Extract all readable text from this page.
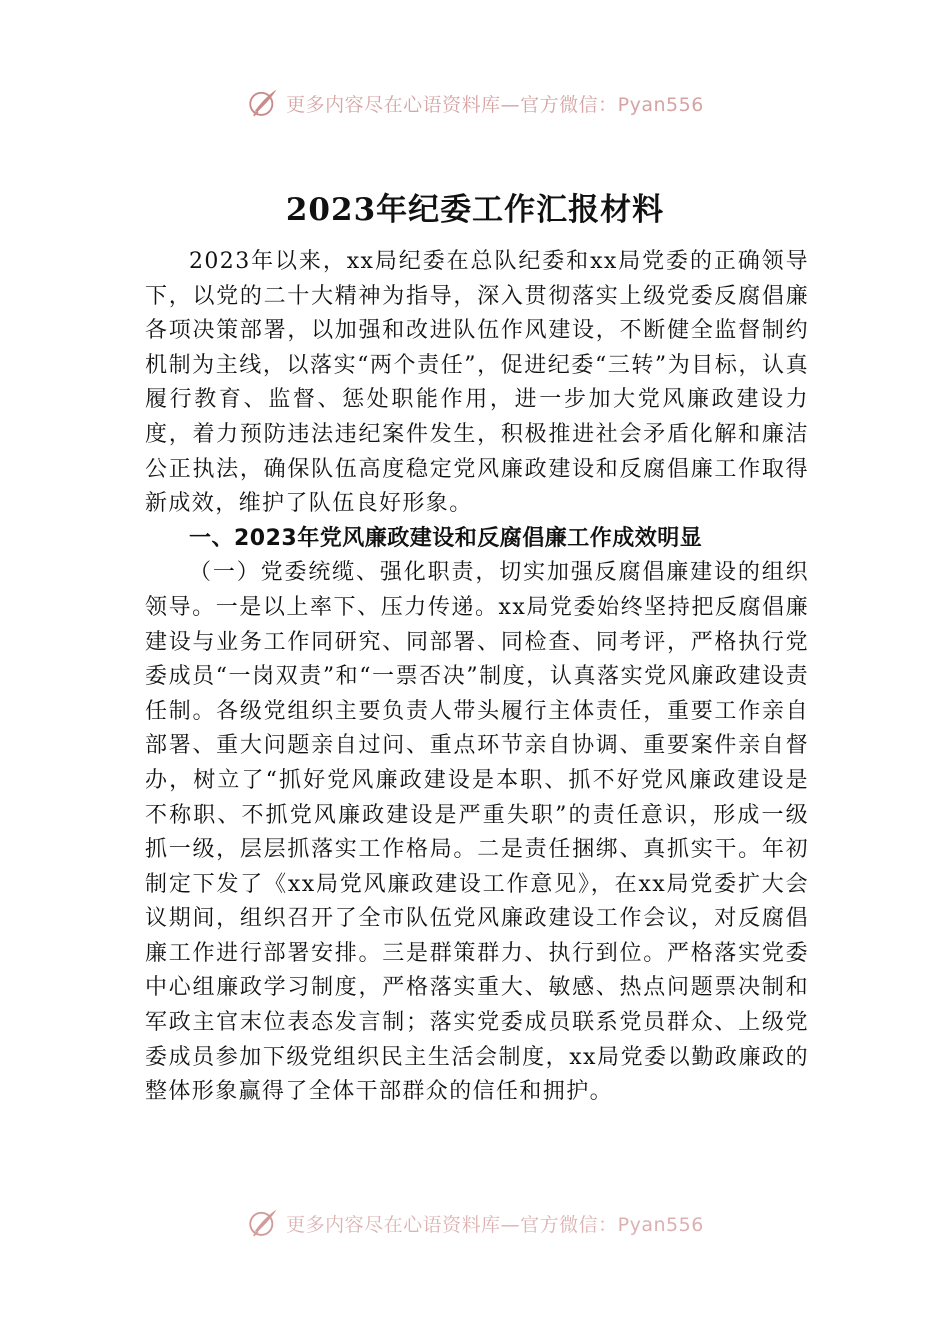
更多内容尽在心语资料库—官方微信：Pyan556
2023年纪委工作汇报材料

2023年以来，xx局纪委在总队纪委和xx局党委的正确领导下，以党的二十大精神为指导，深入贯彻落实上级党委反腐倡廉各项决策部署，以加强和改进队伍作风建设，不断健全监督制约机制为主线，以落实“两个责任”，促进纪委“三转”为目标，认真履行教育、监督、惩处职能作用，进一步加大党风廉政建设力度，着力预防违法违纪案件发生，积极推进社会矛盾化解和廉洁公正执法，确保队伍高度稳定党风廉政建设和反腐倡廉工作取得新成效，维护了队伍良好形象。

一、2023年党风廉政建设和反腐倡廉工作成效明显

（一）党委统缆、强化职责，切实加强反腐倡廉建设的组织领导。一是以上率下、压力传递。xx局党委始终坚持把反腐倡廉建设与业务工作同研究、同部署、同检查、同考评，严格执行党委成员“一岗双责”和“一票否决”制度，认真落实党风廉政建设责任制。各级党组织主要负责人带头履行主体责任，重要工作亲自部署、重大问题亲自过问、重点环节亲自协调、重要案件亲自督办，树立了“抓好党风廉政建设是本职、抓不好党风廉政建设是不称职、不抓党风廉政建设是严重失职”的责任意识，形成一级抓一级，层层抓落实工作格局。二是责任捆绑、真抓实干。年初制定下发了《xx局党风廉政建设工作意见》，在xx局党委扩大会议期间，组织召开了全市队伍党风廉政建设工作会议，对反腐倡廉工作进行部署安排。三是群策群力、执行到位。严格落实党委中心组廉政学习制度，严格落实重大、敏感、热点问题票决制和军政主官末位表态发言制；落实党委成员联系党员群众、上级党委成员参加下级党组织民主生活会制度，xx局党委以勤政廉政的整体形象赢得了全体干部群众的信任和拥护。

更多内容尽在心语资料库—官方微信：Pyan556
